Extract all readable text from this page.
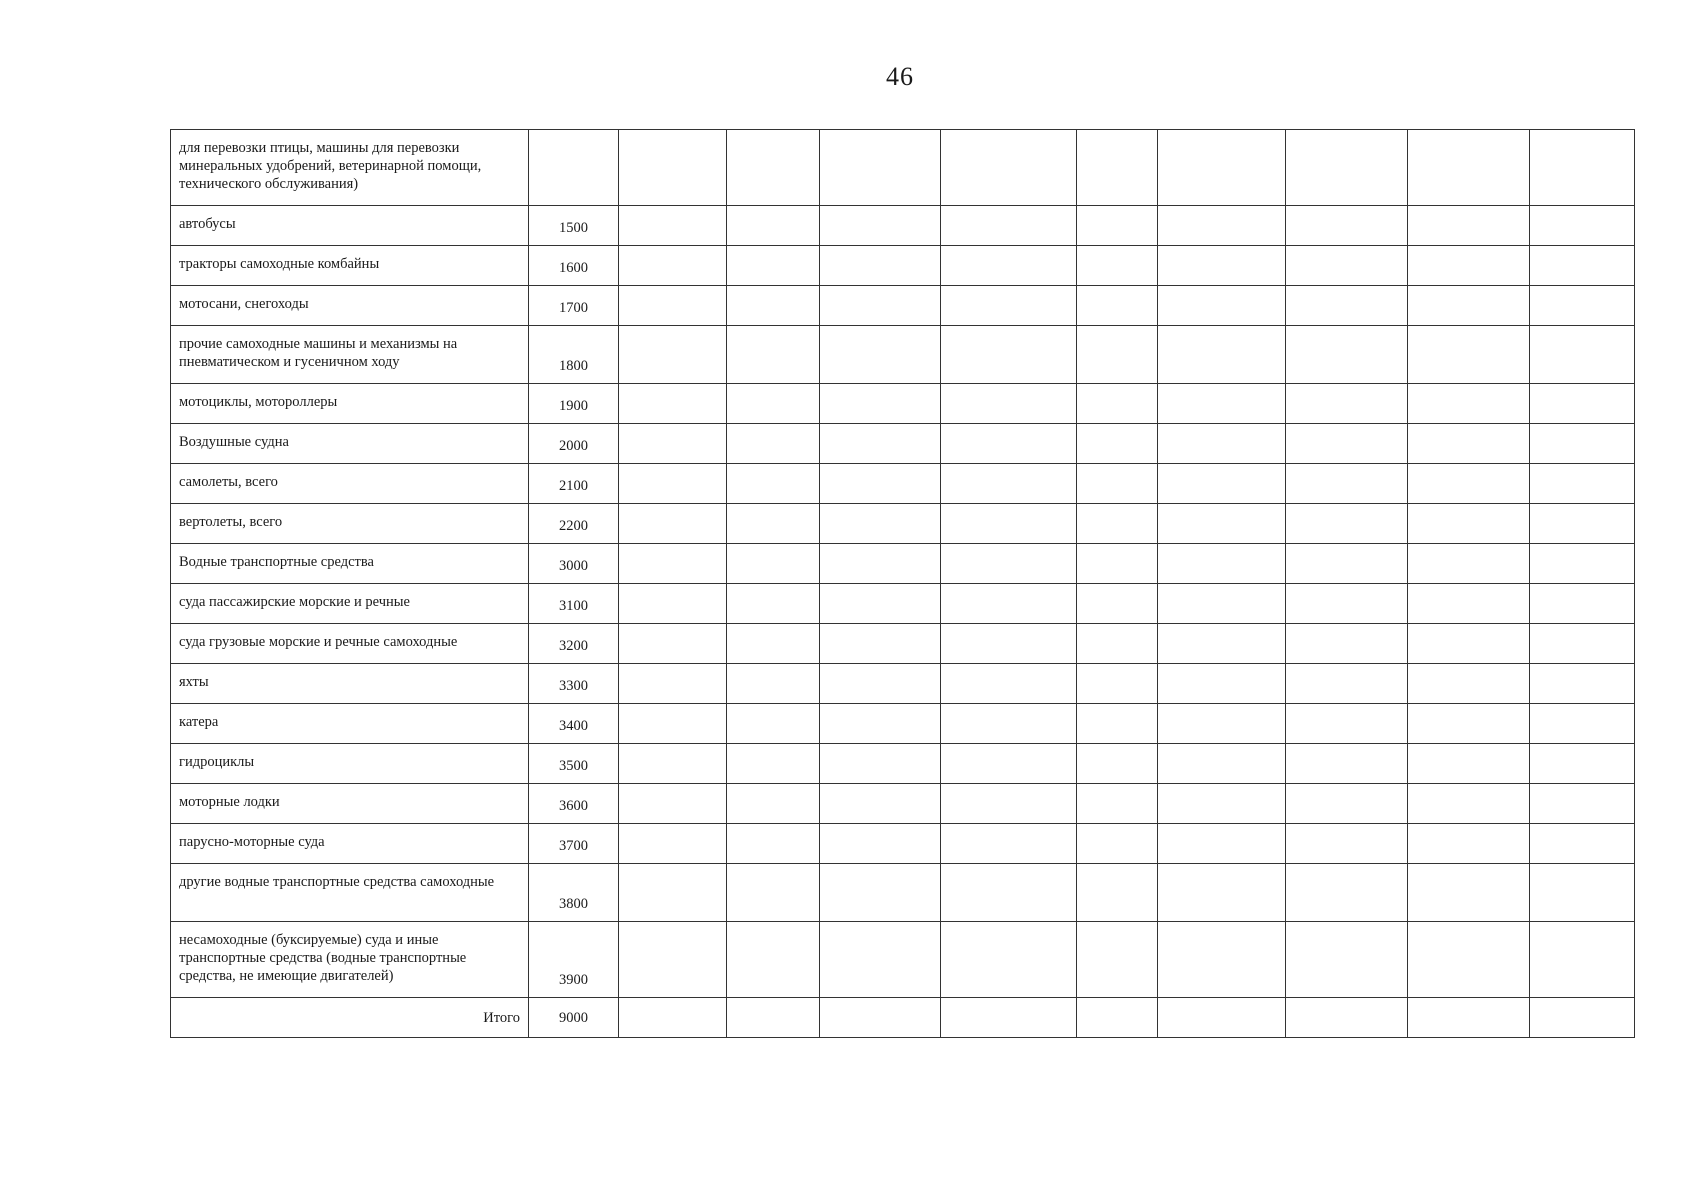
46
для перевозки птицы, машины для перевозки минеральных удобрений, ветеринарной помощи, технического обслуживания)										
автобусы	1500									
тракторы самоходные комбайны	1600									
мотосани, снегоходы	1700									
прочие самоходные машины и механизмы на пневматическом и гусеничном ходу	1800									
мотоциклы, мотороллеры	1900									
Воздушные судна	2000									
самолеты, всего	2100									
вертолеты, всего	2200									
Водные транспортные средства	3000									
суда пассажирские морские и речные	3100									
суда грузовые морские и речные самоходные	3200									
яхты	3300									
катера	3400									
гидроциклы	3500									
моторные лодки	3600									
парусно-моторные суда	3700									
другие водные транспортные средства самоходные	3800									
несамоходные (буксируемые) суда и иные транспортные средства (водные транспортные средства, не имеющие двигателей)	3900									
Итого	9000									
